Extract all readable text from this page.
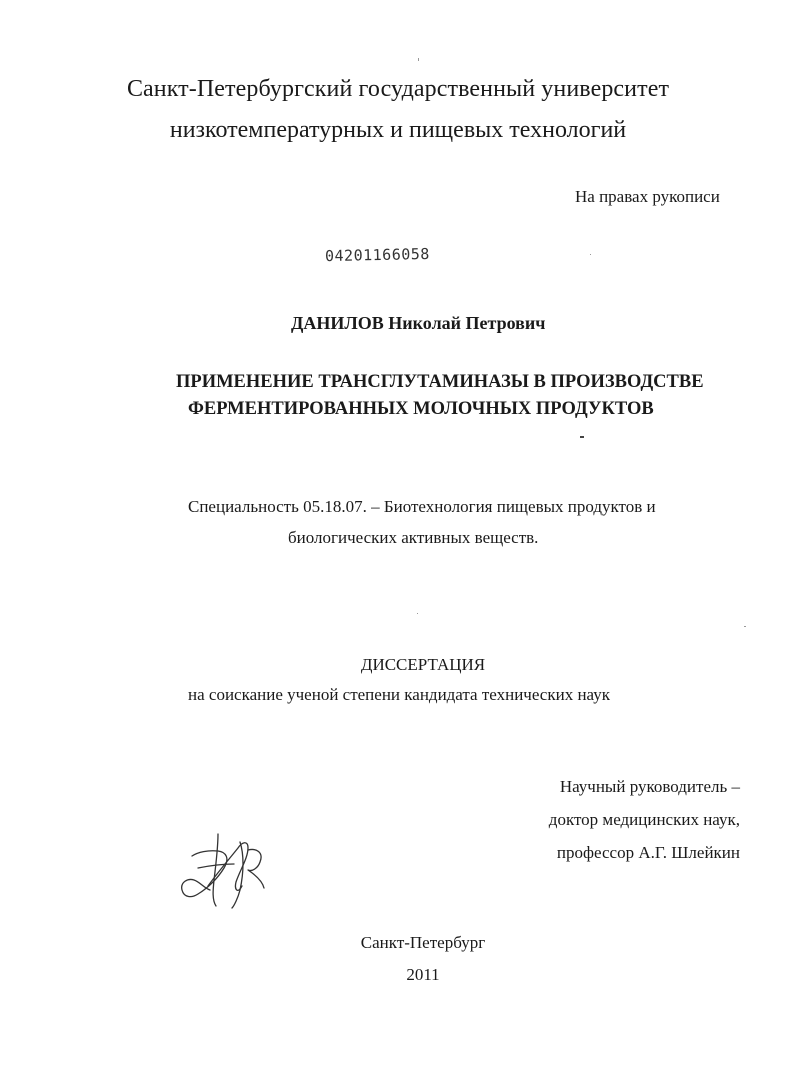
Санкт-Петербургский государственный университет
низкотемпературных и пищевых технологий
На правах рукописи
04201166058
ДАНИЛОВ Николай Петрович
ПРИМЕНЕНИЕ ТРАНСГЛУТАМИНАЗЫ В ПРОИЗВОДСТВЕ
ФЕРМЕНТИРОВАННЫХ МОЛОЧНЫХ ПРОДУКТОВ
Специальность 05.18.07. – Биотехнология пищевых продуктов и
биологических активных веществ.
ДИССЕРТАЦИЯ
на соискание ученой степени кандидата технических наук
Научный руководитель –
доктор медицинских наук,
профессор А.Г. Шлейкин
Санкт-Петербург
2011
